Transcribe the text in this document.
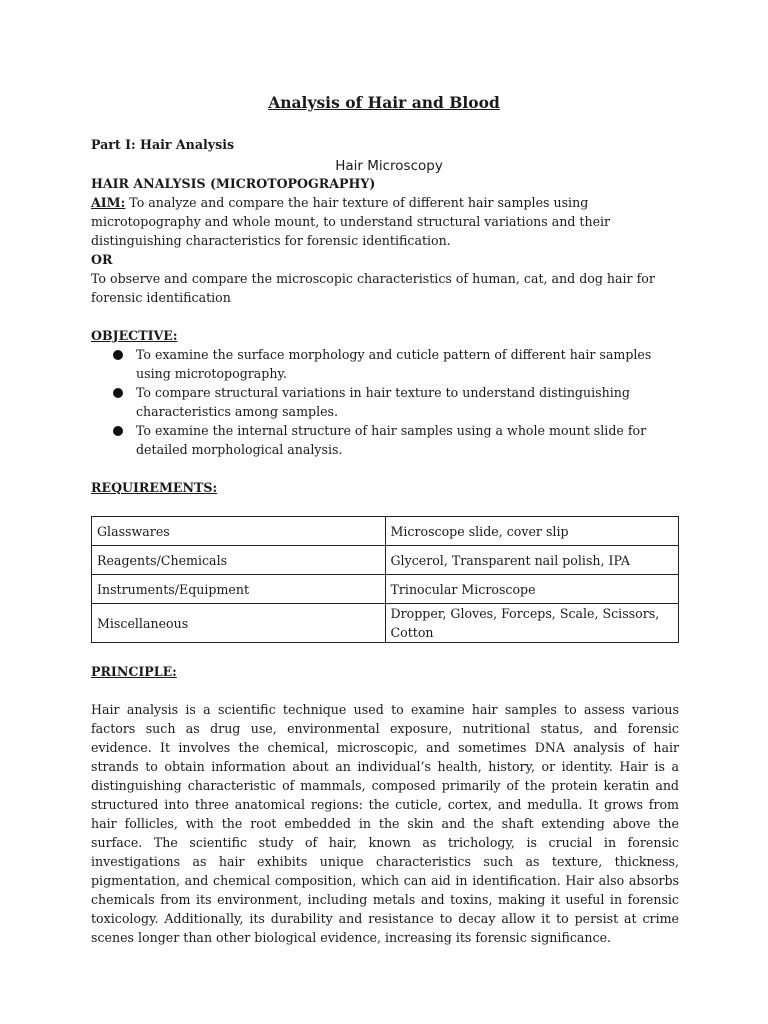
Analysis of Hair and Blood
Part I: Hair Analysis
Hair Microscopy
HAIR ANALYSIS (MICROTOPOGRAPHY)

AIM: To analyze and compare the hair texture of different hair samples using microtopography and whole mount, to understand structural variations and their distinguishing characteristics for forensic identification.

OR

To observe and compare the microscopic characteristics of human, cat, and dog hair for forensic identification

OBJECTIVE:
To examine the surface morphology and cuticle pattern of different hair samples using microtopography.
To compare structural variations in hair texture to understand distinguishing characteristics among samples.
To examine the internal structure of hair samples using a whole mount slide for detailed morphological analysis.
REQUIREMENTS:
Glasswares	Microscope slide, cover slip
Reagents/Chemicals	Glycerol, Transparent nail polish, IPA
Instruments/Equipment	Trinocular Microscope
Miscellaneous	Dropper, Gloves, Forceps, Scale, Scissors, Cotton
PRINCIPLE:

Hair analysis is a scientific technique used to examine hair samples to assess various factors such as drug use, environmental exposure, nutritional status, and forensic evidence. It involves the chemical, microscopic, and sometimes DNA analysis of hair strands to obtain information about an individual’s health, history, or identity. Hair is a distinguishing characteristic of mammals, composed primarily of the protein keratin and structured into three anatomical regions: the cuticle, cortex, and medulla. It grows from hair follicles, with the root embedded in the skin and the shaft extending above the surface. The scientific study of hair, known as trichology, is crucial in forensic investigations as hair exhibits unique characteristics such as texture, thickness, pigmentation, and chemical composition, which can aid in identification. Hair also absorbs chemicals from its environment, including metals and toxins, making it useful in forensic toxicology. Additionally, its durability and resistance to decay allow it to persist at crime scenes longer than other biological evidence, increasing its forensic significance.
